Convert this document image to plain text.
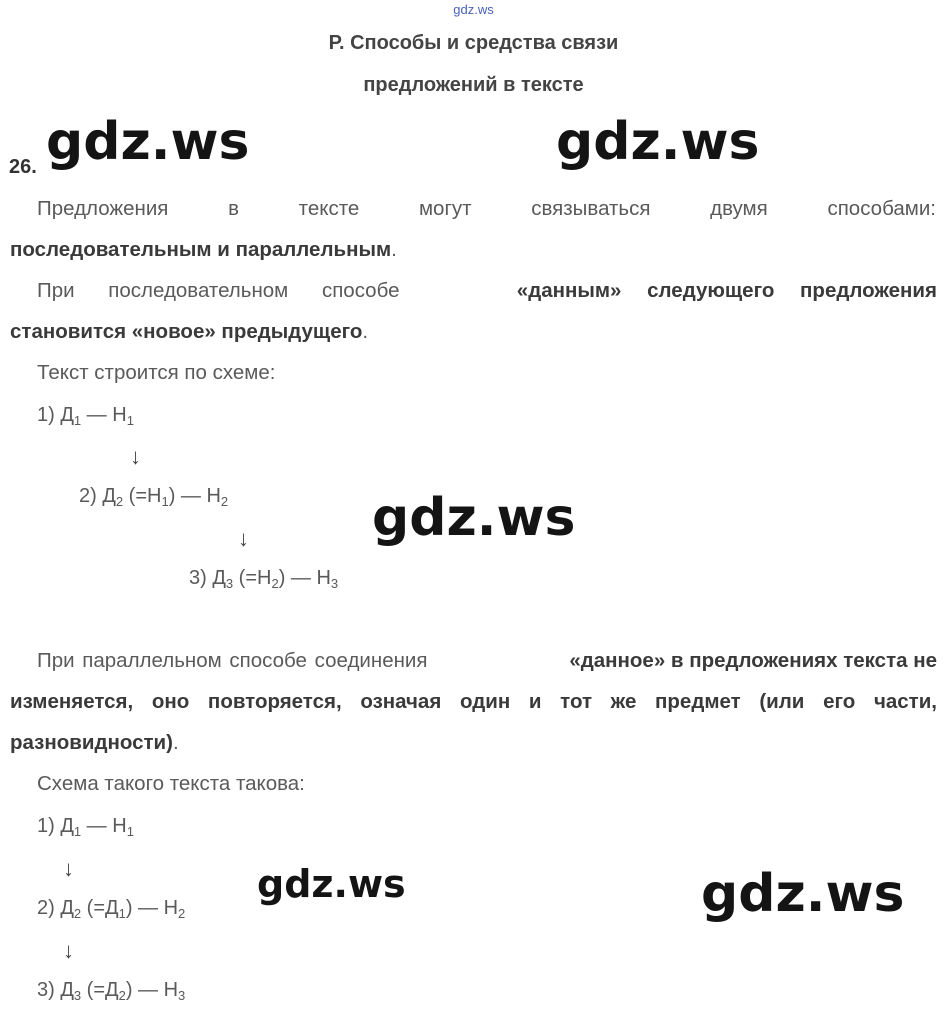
gdz.ws
Р. Способы и средства связи
предложений в тексте
26. gdz.ws	gdz.ws
gdz.ws
gdz.ws	gdz.ws
Предложения в тексте могут связываться двумя способами:
последовательным и параллельным.
При последовательном способе	«данным» следующего предложения
становится «новое» предыдущего.
Текст строится по схеме:
1) $Д_1$ — $Н_1$
↓
2) $Д_2$ $(=Н_1)$ — $Н_2$
↓
3) $Д_3$ $(=Н_2)$ — $Н_3$
При параллельном способе соединения	«данное» в предложениях текста не
изменяется, оно повторяется, означая один и тот же предмет (или его части,
разновидности).
Схема такого текста такова:
1) $Д_1$ — $Н_1$
↓
2) $Д_2$ $(=Д_1)$ — $Н_2$
↓
3) $Д_3$ $(=Д_2)$ — $Н_3$
